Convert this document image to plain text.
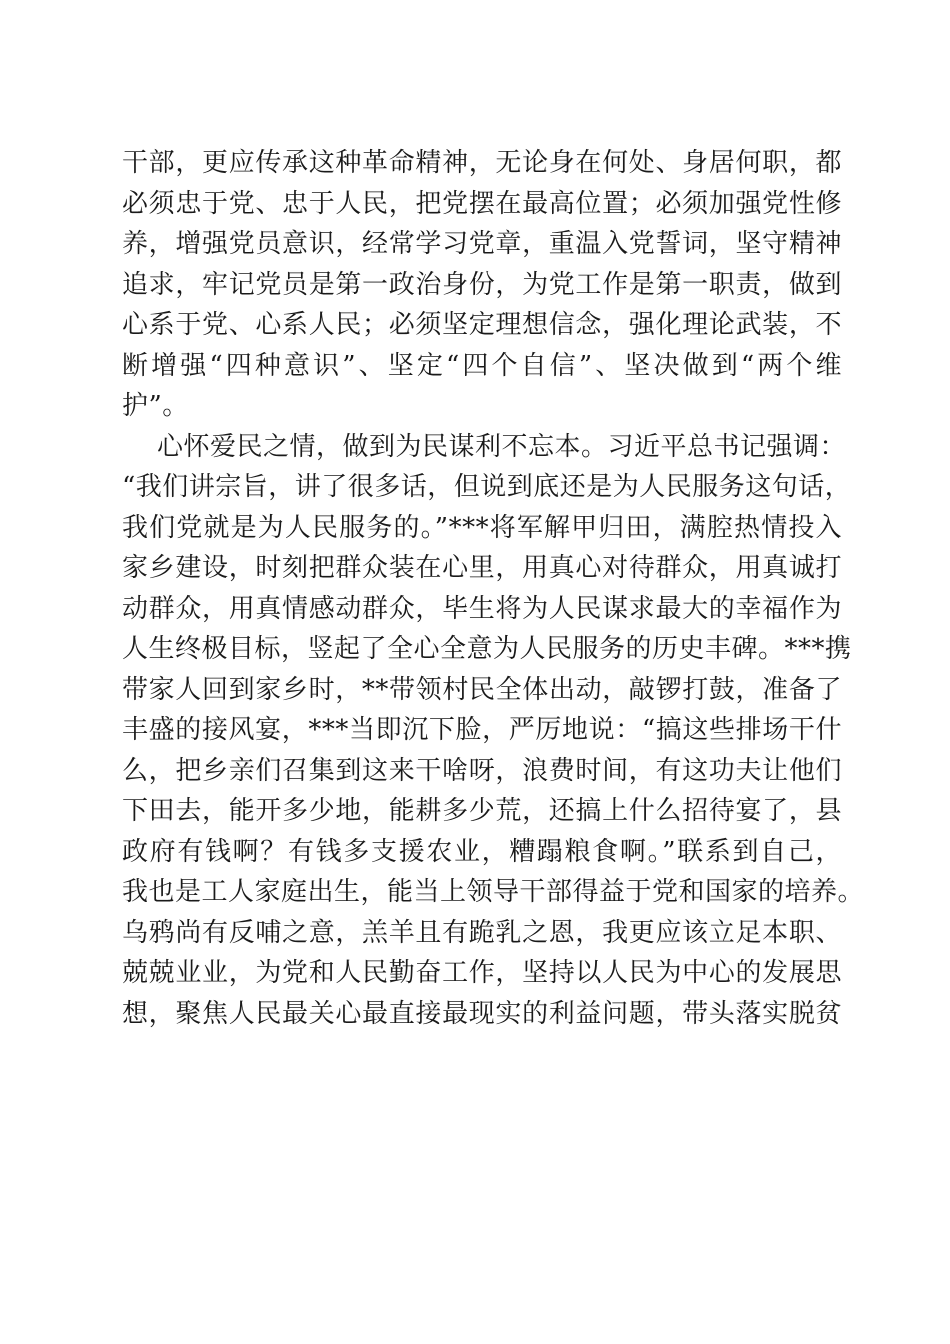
干部，更应传承这种革命精神，无论身在何处、身居何职，都
必须忠于党、忠于人民，把党摆在最高位置；必须加强党性修
养，增强党员意识，经常学习党章，重温入党誓词，坚守精神
追求，牢记党员是第一政治身份，为党工作是第一职责，做到
心系于党、心系人民；必须坚定理想信念，强化理论武装，不
断增强“四种意识”、坚定“四个自信”、坚决做到“两个维
护”。
心怀爱民之情，做到为民谋利不忘本。习近平总书记强调：
“我们讲宗旨，讲了很多话，但说到底还是为人民服务这句话，
我们党就是为人民服务的。”***将军解甲归田，满腔热情投入
家乡建设，时刻把群众装在心里，用真心对待群众，用真诚打
动群众，用真情感动群众，毕生将为人民谋求最大的幸福作为
人生终极目标，竖起了全心全意为人民服务的历史丰碑。***携
带家人回到家乡时，**带领村民全体出动，敲锣打鼓，准备了
丰盛的接风宴，***当即沉下脸，严厉地说：“搞这些排场干什
么，把乡亲们召集到这来干啥呀，浪费时间，有这功夫让他们
下田去，能开多少地，能耕多少荒，还搞上什么招待宴了，县
政府有钱啊？有钱多支援农业，糟蹋粮食啊。”联系到自己，
我也是工人家庭出生，能当上领导干部得益于党和国家的培养。
乌鸦尚有反哺之意，羔羊且有跪乳之恩，我更应该立足本职、
兢兢业业，为党和人民勤奋工作，坚持以人民为中心的发展思
想，聚焦人民最关心最直接最现实的利益问题，带头落实脱贫
